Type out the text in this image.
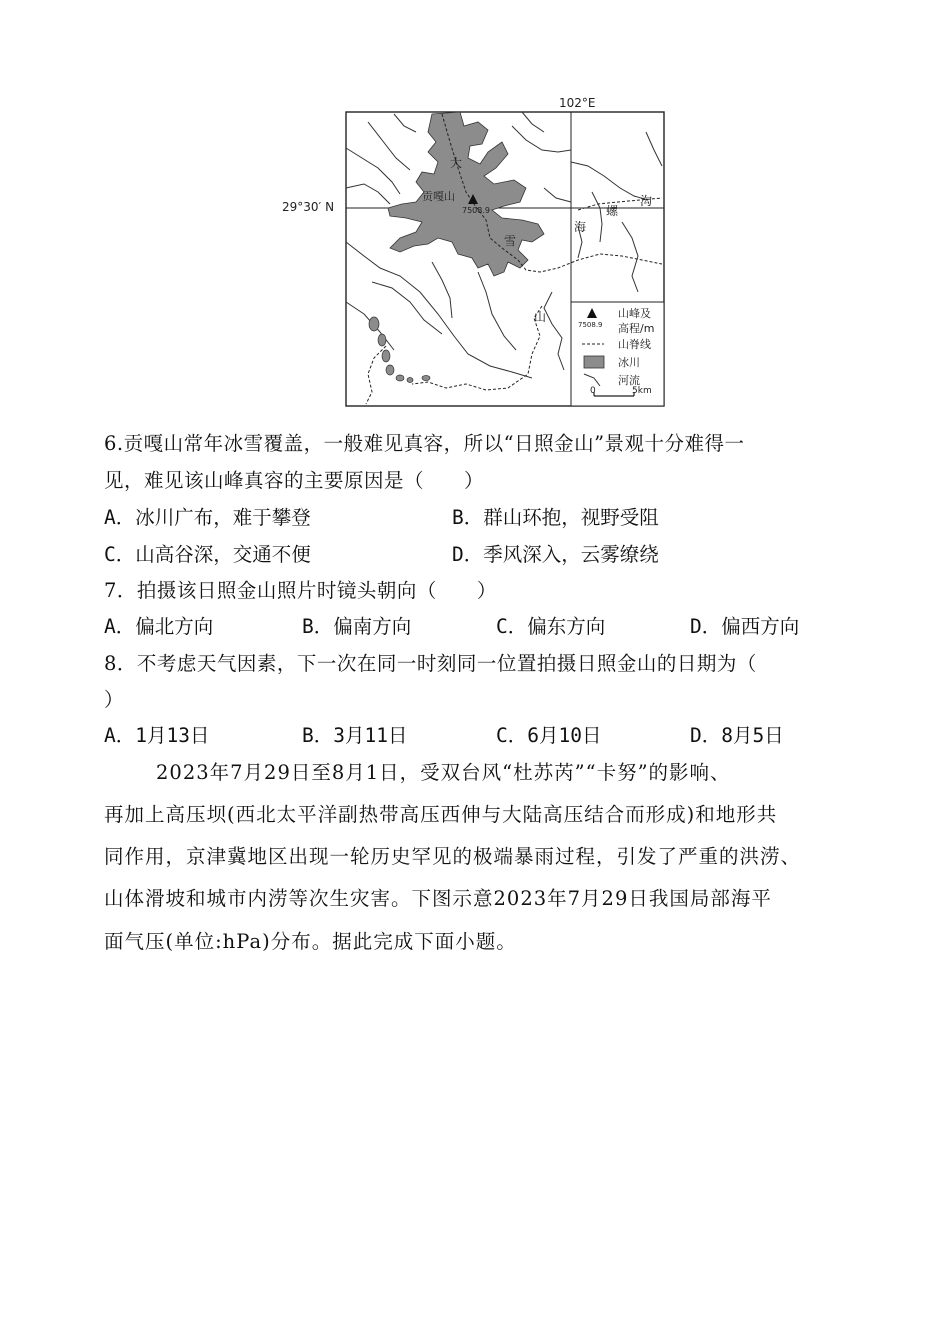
102°E
29°30′ N
贡嘎山
7508.9
大
雪
山
海
螺
沟
山峰及
高程/m
7508.9
山脊线
冰川
河流
0	5km
6.贡嘎山常年冰雪覆盖，一般难见真容，所以“日照金山”景观十分难得一
见，难见该山峰真容的主要原因是（　　）
A．冰川广布，难于攀登	B．群山环抱，视野受阻
C．山高谷深，交通不便	D．季风深入，云雾缭绕
7．拍摄该日照金山照片时镜头朝向（　　）
A．偏北方向	B．偏南方向	C．偏东方向	D．偏西方向
8．不考虑天气因素，下一次在同一时刻同一位置拍摄日照金山的日期为（
）
A．1月13日	B．3月11日	C．6月10日	D．8月5日
2023年7月29日至8月1日，受双台风“杜苏芮”“卡努”的影响、
再加上高压坝(西北太平洋副热带高压西伸与大陆高压结合而形成)和地形共
同作用，京津冀地区出现一轮历史罕见的极端暴雨过程，引发了严重的洪涝、
山体滑坡和城市内涝等次生灾害。下图示意2023年7月29日我国局部海平
面气压(单位:hPa)分布。据此完成下面小题。
